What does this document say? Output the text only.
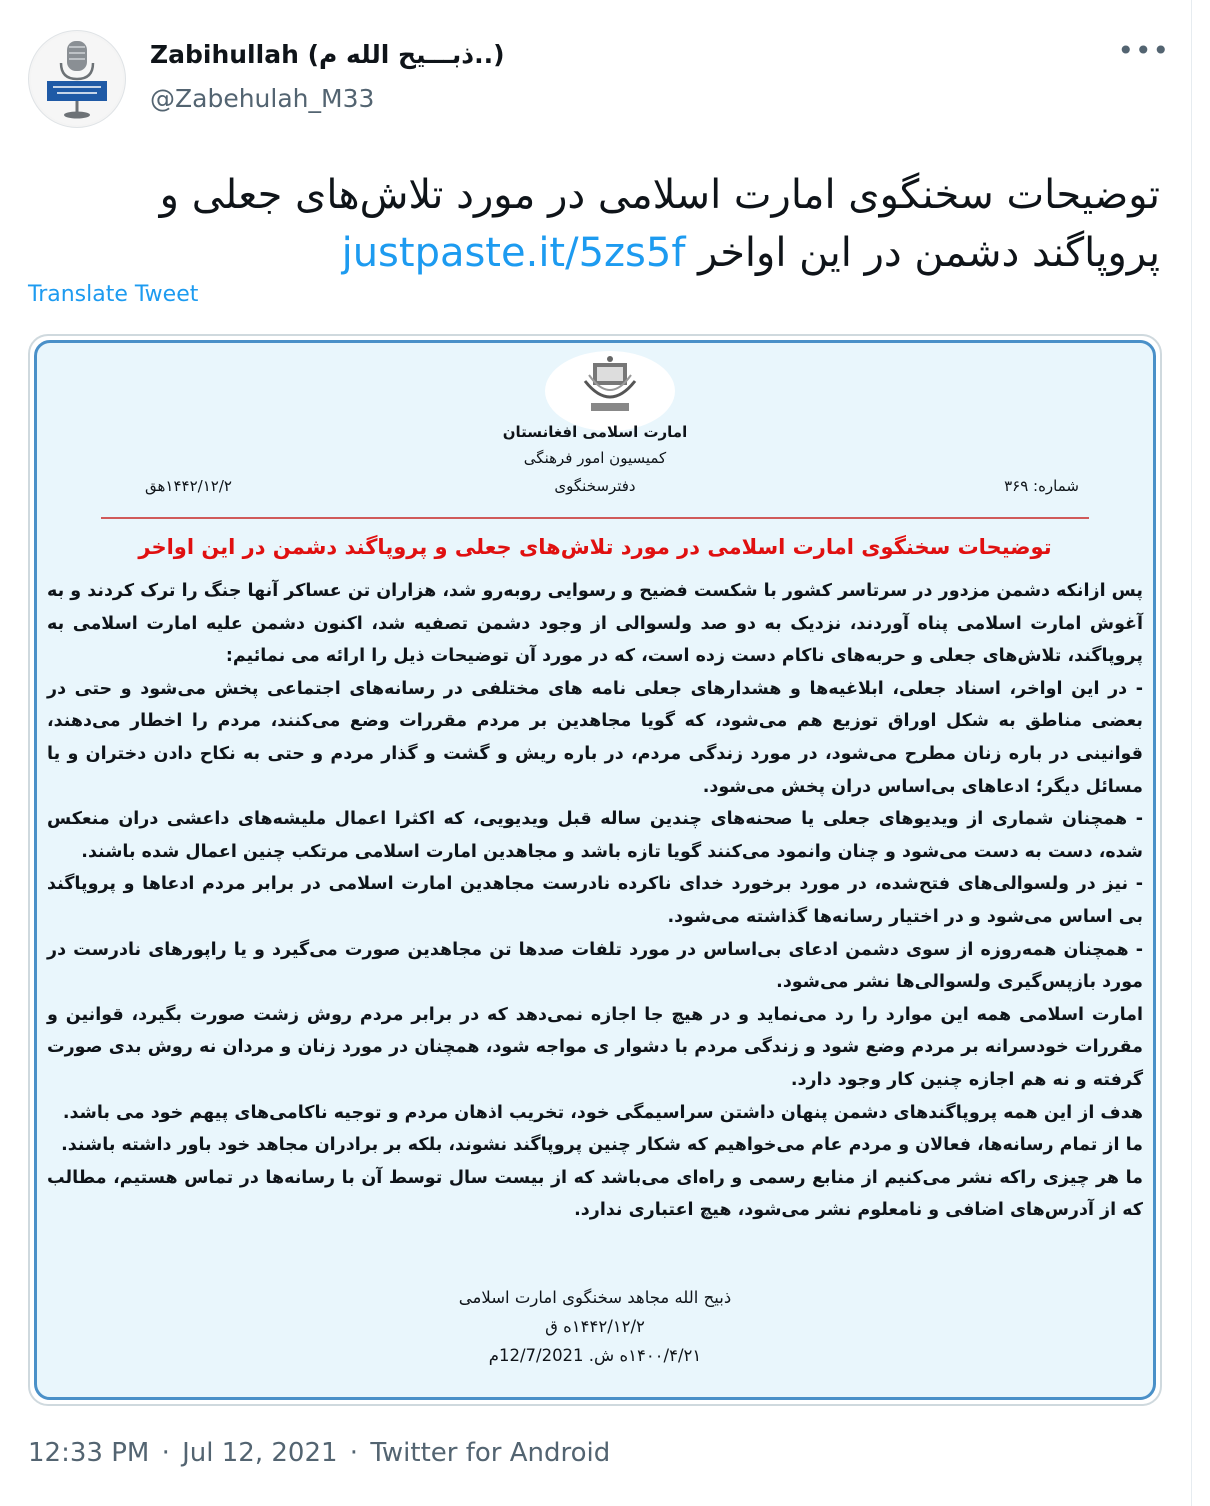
Zabihullah (ذبـــیح الله م..)
@Zabehulah_M33
•••
توضیحات سخنگوی امارت اسلامی در مورد تلاش‌های جعلی و پروپاگند دشمن در این اواخر justpaste.it/5zs5f
Translate Tweet
امارت اسلامی افغانستان
کمیسیون امور فرهنگی
دفترسخنگوی	شماره: ۳۶۹
۱۴۴۲/۱۲/۲هق
توضیحات سخنگوی امارت اسلامی در مورد تلاش‌های جعلی و پروپاگند دشمن در این اواخر

پس ازانکه دشمن مزدور در سرتاسر کشور با شکست فضیح و رسوایی روبه‌رو شد، هزاران تن عساکر آنها جنگ را ترک کردند و به آغوش امارت اسلامی پناه آوردند، نزدیک به دو صد ولسوالی از وجود دشمن تصفیه شد، اکنون دشمن علیه امارت اسلامی به پروپاگند، تلاش‌های جعلی و حربه‌های ناکام دست زده است، که در مورد آن توضیحات ذیل را ارائه می نمائیم:

- در این اواخر، اسناد جعلی، ابلاغیه‌ها و هشدارهای جعلی نامه های مختلفی در رسانه‌های اجتماعی پخش می‌شود و حتی در بعضی مناطق به شکل اوراق توزیع هم می‌شود، که گویا مجاهدین بر مردم مقررات وضع می‌کنند، مردم را اخطار می‌دهند، قوانینی در باره زنان مطرح می‌شود، در مورد زندگی مردم، در باره ریش و گشت و گذار مردم و حتی به نکاح دادن دختران و یا مسائل دیگر؛ ادعاهای بی‌اساس دران پخش می‌شود.

- همچنان شماری از ویدیوهای جعلی یا صحنه‌های چندین ساله قبل ویدیویی، که اکثرا اعمال ملیشه‌های داعشی دران منعکس شده، دست به دست می‌شود و چنان وانمود می‌کنند گویا تازه باشد و مجاهدین امارت اسلامی مرتکب چنین اعمال شده باشند.

- نیز در ولسوالی‌های فتح‌شده، در مورد برخورد خدای ناکرده نادرست مجاهدین امارت اسلامی در برابر مردم ادعاها و پروپاگند بی اساس می‌شود و در اختیار رسانه‌ها گذاشته می‌شود.

- همچنان همه‌روزه از سوی دشمن ادعای بی‌اساس در مورد تلفات صدها تن مجاهدین صورت می‌گیرد و یا راپورهای نادرست در مورد بازپس‌گیری ولسوالی‌ها نشر می‌شود.

امارت اسلامی همه این موارد را رد می‌نماید و در هیچ جا اجازه نمی‌دهد که در برابر مردم روش زشت صورت بگیرد، قوانین و مقررات خودسرانه بر مردم وضع شود و زندگی مردم با دشوار ی مواجه شود، همچنان در مورد زنان و مردان نه روش بدی صورت گرفته و نه هم اجازه چنین کار وجود دارد.

هدف از این همه پروپاگندهای دشمن پنهان داشتن سراسیمگی خود، تخریب اذهان مردم و توجیه ناکامی‌های پیهم خود می باشد.

ما از تمام رسانه‌ها، فعالان و مردم عام می‌خواهیم که شکار چنین پروپاگند نشوند، بلکه بر برادران مجاهد خود باور داشته باشند.

ما هر چیزی راکه نشر می‌کنیم از منابع رسمی و راه‌ای می‌باشد که از بیست سال توسط آن با رسانه‌ها در تماس هستیم، مطالب که از آدرس‌های اضافی و نامعلوم نشر می‌شود، هیچ اعتباری ندارد.

ذبیح الله مجاهد سخنگوی امارت اسلامی
۱۴۴۲/۱۲/۲ه ق
۱۴۰۰/۴/۲۱ه ش. 12/7/2021م
12:33 PM · Jul 12, 2021 · Twitter for Android
